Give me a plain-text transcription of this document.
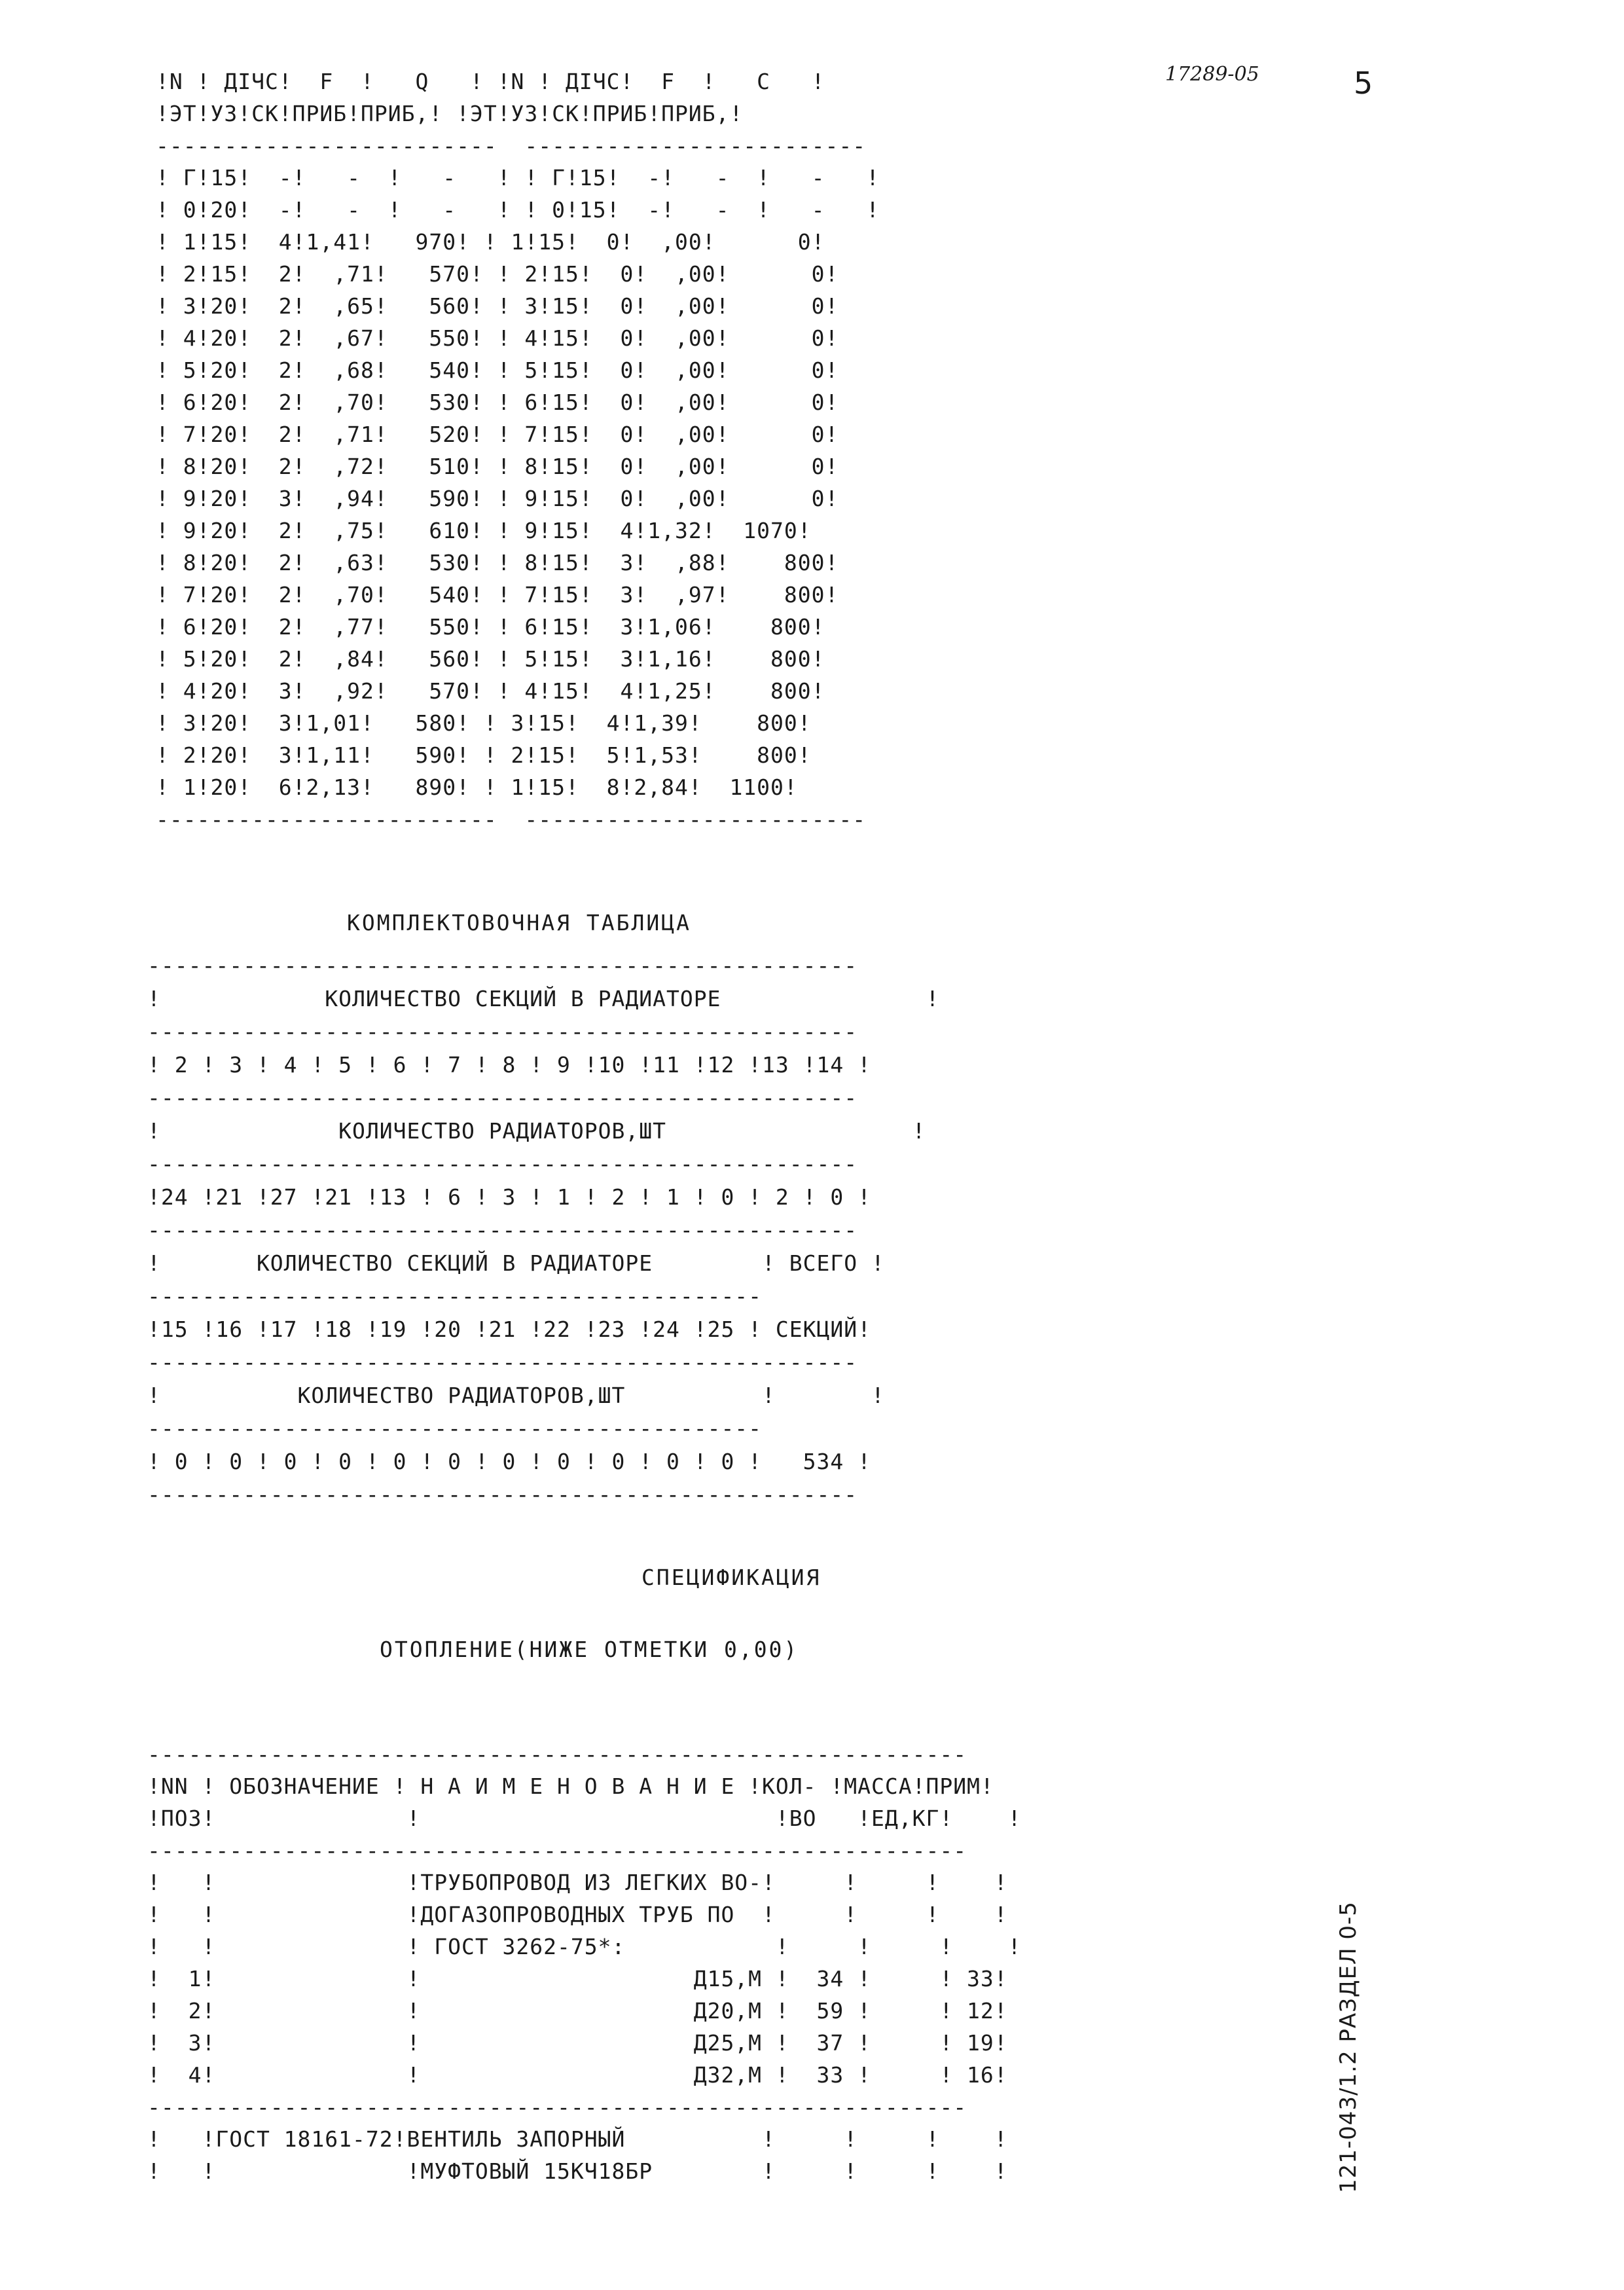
17289-05	5
!N ! ДIЧС!  F  !   Q   ! !N ! ДIЧС!  F  !   C   !
!ЭТ!УЗ!СК!ПРИБ!ПРИБ,! !ЭТ!УЗ!СК!ПРИБ!ПРИБ,!
-------------------------  -------------------------
! Г!15!  -!   -  !   -   ! ! Г!15!  -!   -  !   -   !
! 0!20!  -!   -  !   -   ! ! 0!15!  -!   -  !   -   !
! 1!15!  4!1,41!   970! ! 1!15!  0!  ,00!      0!
! 2!15!  2!  ,71!   570! ! 2!15!  0!  ,00!      0!
! 3!20!  2!  ,65!   560! ! 3!15!  0!  ,00!      0!
! 4!20!  2!  ,67!   550! ! 4!15!  0!  ,00!      0!
! 5!20!  2!  ,68!   540! ! 5!15!  0!  ,00!      0!
! 6!20!  2!  ,70!   530! ! 6!15!  0!  ,00!      0!
! 7!20!  2!  ,71!   520! ! 7!15!  0!  ,00!      0!
! 8!20!  2!  ,72!   510! ! 8!15!  0!  ,00!      0!
! 9!20!  3!  ,94!   590! ! 9!15!  0!  ,00!      0!
! 9!20!  2!  ,75!   610! ! 9!15!  4!1,32!  1070!
! 8!20!  2!  ,63!   530! ! 8!15!  3!  ,88!    800!
! 7!20!  2!  ,70!   540! ! 7!15!  3!  ,97!    800!
! 6!20!  2!  ,77!   550! ! 6!15!  3!1,06!    800!
! 5!20!  2!  ,84!   560! ! 5!15!  3!1,16!    800!
! 4!20!  3!  ,92!   570! ! 4!15!  4!1,25!    800!
! 3!20!  3!1,01!   580! ! 3!15!  4!1,39!    800!
! 2!20!  3!1,11!   590! ! 2!15!  5!1,53!    800!
! 1!20!  6!2,13!   890! ! 1!15!  8!2,84!  1100!
-------------------------  -------------------------
КОМПЛЕКТОВОЧНАЯ ТАБЛИЦА
----------------------------------------------------
!            КОЛИЧЕСТВО СЕКЦИЙ В РАДИАТОРЕ               !
----------------------------------------------------
! 2 ! 3 ! 4 ! 5 ! 6 ! 7 ! 8 ! 9 !10 !11 !12 !13 !14 !
----------------------------------------------------
!             КОЛИЧЕСТВО РАДИАТОРОВ,ШТ                  !
----------------------------------------------------
!24 !21 !27 !21 !13 ! 6 ! 3 ! 1 ! 2 ! 1 ! 0 ! 2 ! 0 !
----------------------------------------------------
!       КОЛИЧЕСТВО СЕКЦИЙ В РАДИАТОРЕ        ! ВСЕГО !
---------------------------------------------
!15 !16 !17 !18 !19 !20 !21 !22 !23 !24 !25 ! СЕКЦИЙ!
----------------------------------------------------
!          КОЛИЧЕСТВО РАДИАТОРОВ,ШТ          !       !
---------------------------------------------
! 0 ! 0 ! 0 ! 0 ! 0 ! 0 ! 0 ! 0 ! 0 ! 0 ! 0 !   534 !
----------------------------------------------------
СПЕЦИФИКАЦИЯ
ОТОПЛЕНИЕ(НИЖЕ ОТМЕТКИ 0,00)
------------------------------------------------------------
!NN ! ОБОЗНАЧЕНИЕ ! Н А И М Е Н О В А Н И Е !КОЛ- !МАССА!ПРИМ!
!ПОЗ!              !                          !ВО   !ЕД,КГ!    !
------------------------------------------------------------
!   !              !ТРУБОПРОВОД ИЗ ЛЕГКИХ ВО-!     !     !    !
!   !              !ДОГАЗОПРОВОДНЫХ ТРУБ ПО  !     !     !    !
!   !              ! ГОСТ 3262-75*:           !     !     !    !
!  1!              !                    Д15,М !  34 !     ! 33!
!  2!              !                    Д20,М !  59 !     ! 12!
!  3!              !                    Д25,М !  37 !     ! 19!
!  4!              !                    Д32,М !  33 !     ! 16!
------------------------------------------------------------
!   !ГОСТ 18161-72!ВЕНТИЛЬ ЗАПОРНЫЙ          !     !     !    !
!   !              !МУФТОВЫЙ 15КЧ18БР        !     !     !    !	121-043/1.2 РАЗДЕЛ 0-5
